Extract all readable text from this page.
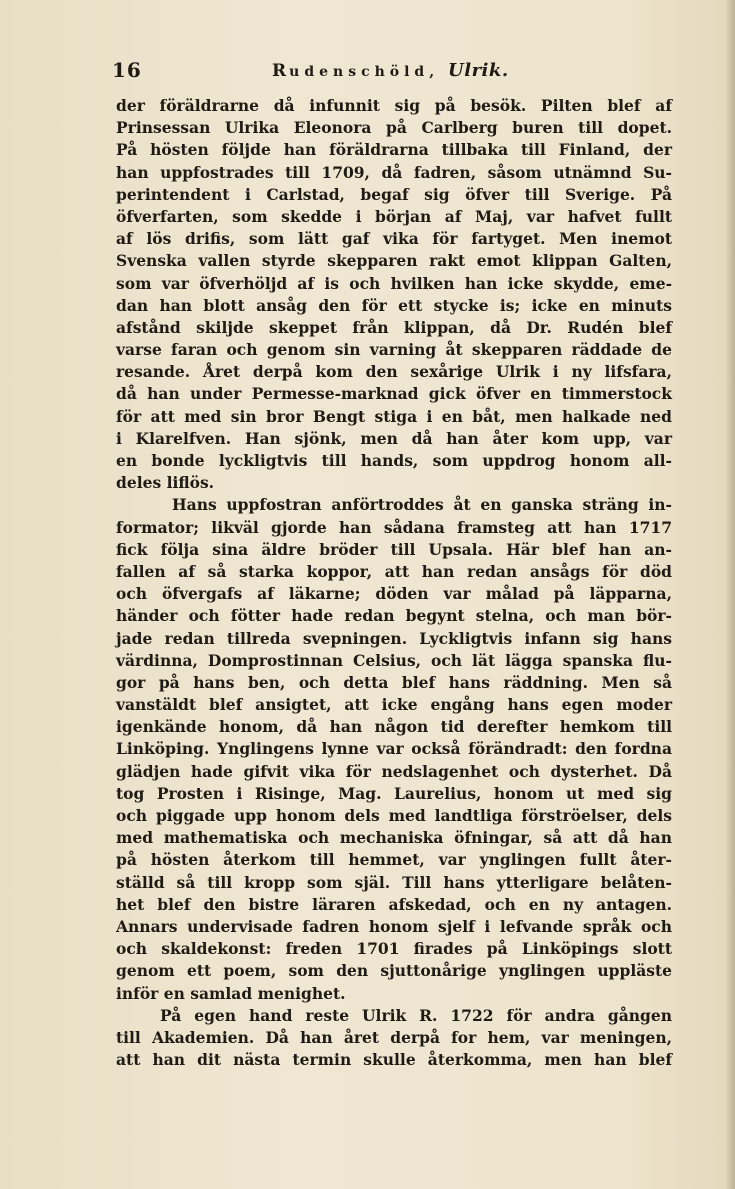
16	Rudenschöld, Ulrik.
der föräldrarne då infunnit sig på besök. Pilten blef af
Prinsessan Ulrika Eleonora på Carlberg buren till dopet.
På hösten följde han föräldrarna tillbaka till Finland, der
han uppfostrades till 1709, då fadren, såsom utnämnd Su-
perintendent i Carlstad, begaf sig öfver till Sverige. På
öfverfarten, som skedde i början af Maj, var hafvet fullt
af lös drifis, som lätt gaf vika för fartyget. Men inemot
Svenska vallen styrde skepparen rakt emot klippan Galten,
som var öfverhöljd af is och hvilken han icke skydde, eme-
dan han blott ansåg den för ett stycke is; icke en minuts
afstånd skiljde skeppet från klippan, då Dr. Rudén blef
varse faran och genom sin varning åt skepparen räddade de
resande. Året derpå kom den sexårige Ulrik i ny lifsfara,
då han under Permesse-marknad gick öfver en timmerstock
för att med sin bror Bengt stiga i en båt, men halkade ned
i Klarelfven. Han sjönk, men då han åter kom upp, var
en bonde lyckligtvis till hands, som uppdrog honom all-
deles liflös.
Hans uppfostran anförtroddes åt en ganska sträng in-
formator; likväl gjorde han sådana framsteg att han 1717
fick följa sina äldre bröder till Upsala. Här blef han an-
fallen af så starka koppor, att han redan ansågs för död
och öfvergafs af läkarne; döden var målad på läpparna,
händer och fötter hade redan begynt stelna, och man bör-
jade redan tillreda svepningen. Lyckligtvis infann sig hans
värdinna, Domprostinnan Celsius, och lät lägga spanska flu-
gor på hans ben, och detta blef hans räddning. Men så
vanstäldt blef ansigtet, att icke engång hans egen moder
igenkände honom, då han någon tid derefter hemkom till
Linköping. Ynglingens lynne var också förändradt: den fordna
glädjen hade gifvit vika för nedslagenhet och dysterhet. Då
tog Prosten i Risinge, Mag. Laurelius, honom ut med sig
och piggade upp honom dels med landtliga förströelser, dels
med mathematiska och mechaniska öfningar, så att då han
på hösten återkom till hemmet, var ynglingen fullt åter-
ställd så till kropp som själ. Till hans ytterligare belåten-
het blef den bistre läraren afskedad, och en ny antagen.
Annars undervisade fadren honom sjelf i lefvande språk och
och skaldekonst: freden 1701 firades på Linköpings slott
genom ett poem, som den sjuttonårige ynglingen uppläste
inför en samlad menighet.
På egen hand reste Ulrik R. 1722 för andra gången
till Akademien. Då han året derpå for hem, var meningen,
att han dit nästa termin skulle återkomma, men han blef
